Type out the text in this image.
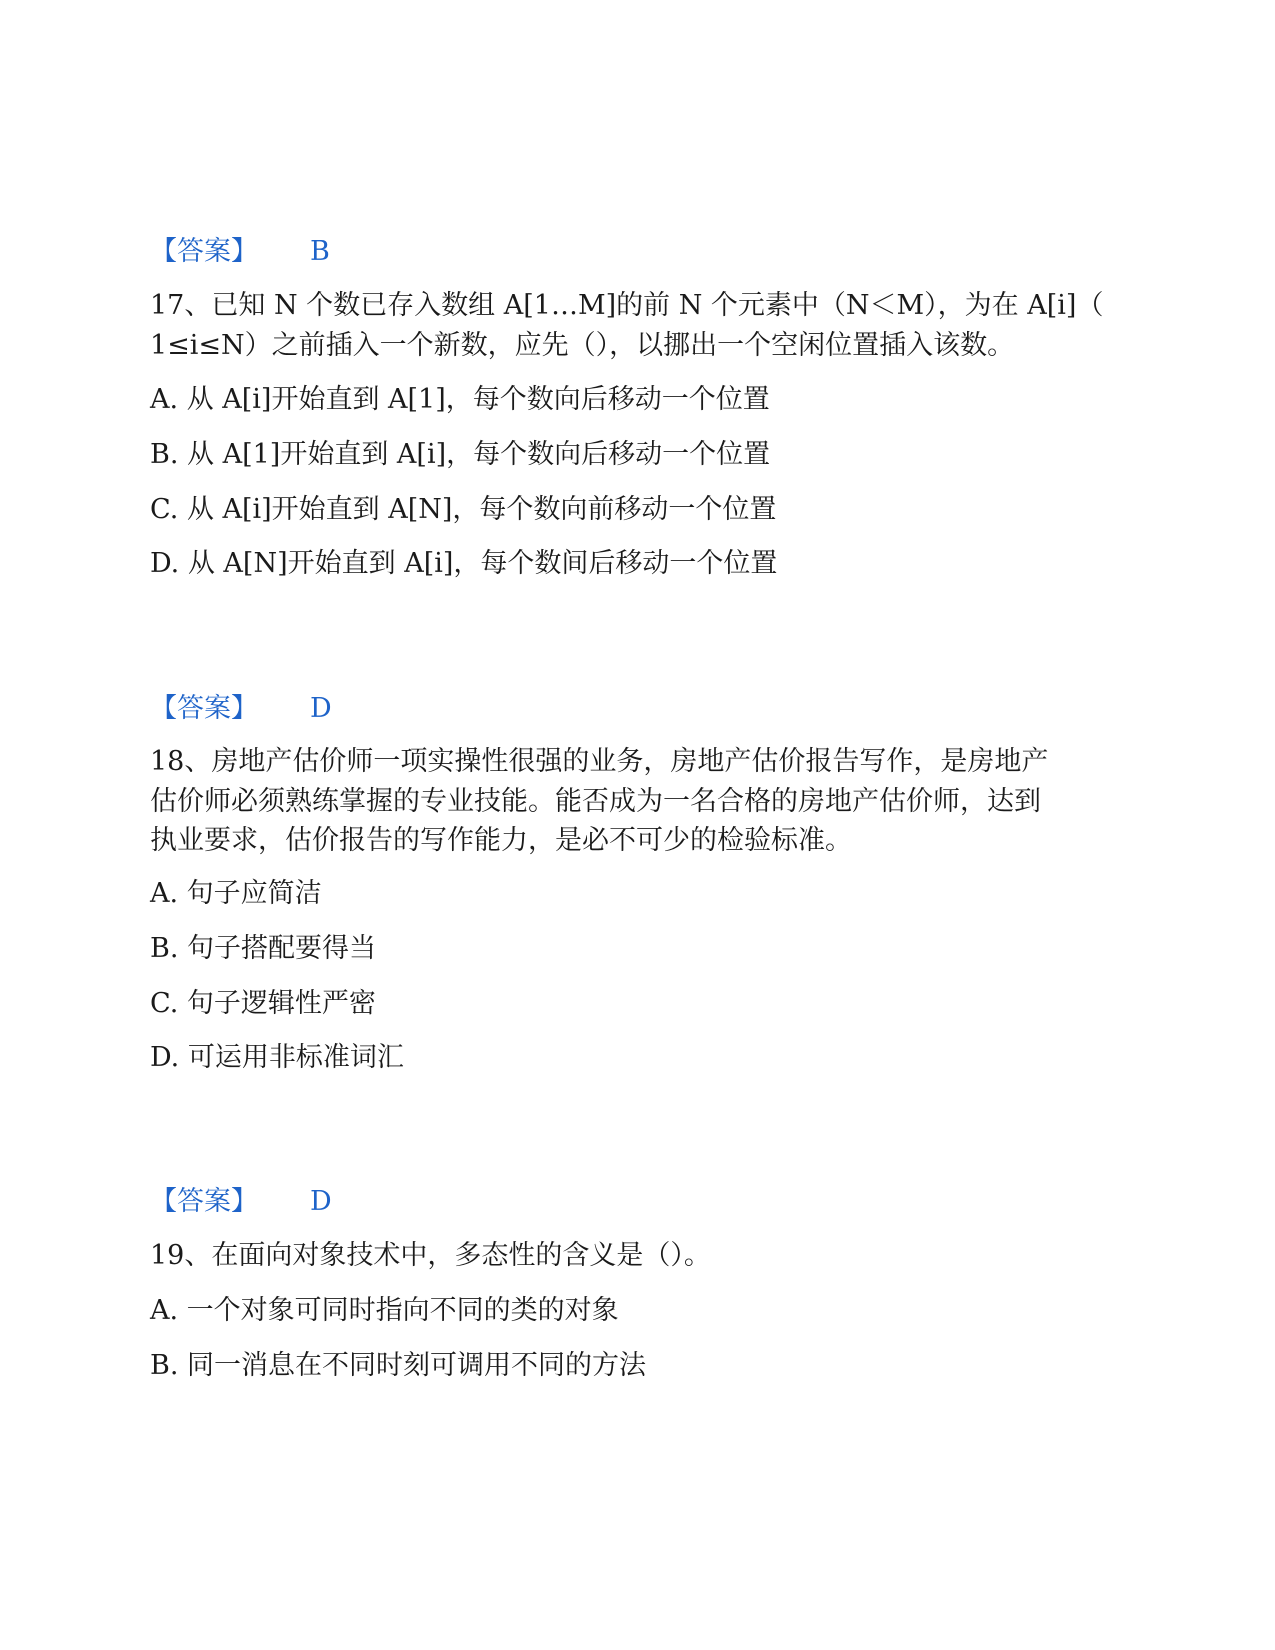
【答案】 B
17、已知 N 个数已存入数组 A[1…M]的前 N 个元素中（N＜M），为在 A[i]（
1≤i≤N）之前插入一个新数，应先（），以挪出一个空闲位置插入该数。
A. 从 A[i]开始直到 A[1]，每个数向后移动一个位置
B. 从 A[1]开始直到 A[i]，每个数向后移动一个位置
C. 从 A[i]开始直到 A[N]，每个数向前移动一个位置
D. 从 A[N]开始直到 A[i]，每个数间后移动一个位置
【答案】 D
18、房地产估价师一项实操性很强的业务，房地产估价报告写作，是房地产
估价师必须熟练掌握的专业技能。能否成为一名合格的房地产估价师，达到
执业要求，估价报告的写作能力，是必不可少的检验标准。
A. 句子应简洁
B. 句子搭配要得当
C. 句子逻辑性严密
D. 可运用非标准词汇
【答案】 D
19、在面向对象技术中，多态性的含义是（）。
A. 一个对象可同时指向不同的类的对象
B. 同一消息在不同时刻可调用不同的方法
